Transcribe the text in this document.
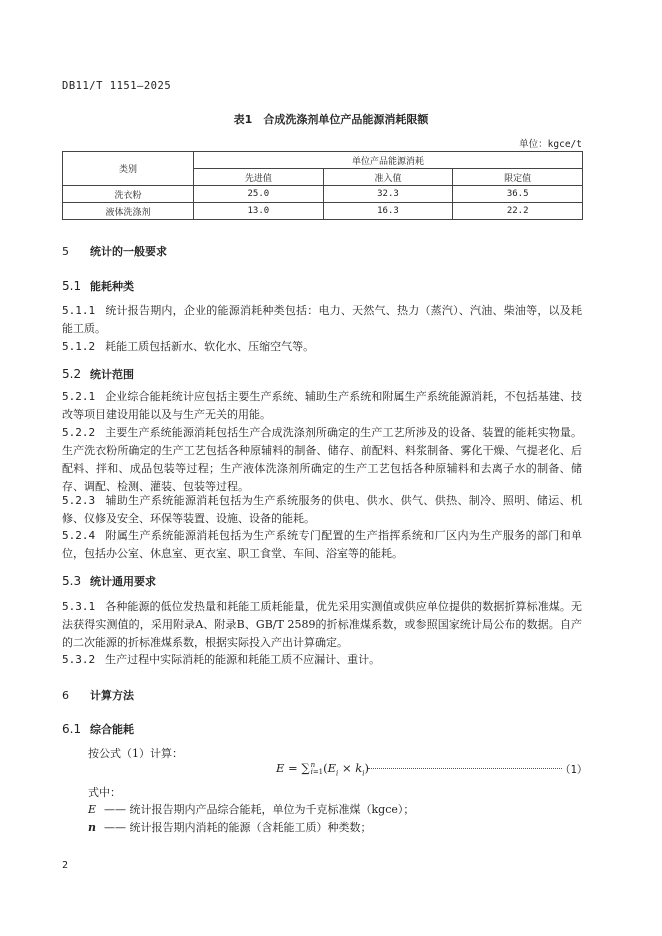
DB11/T 1151—2025
表1　合成洗涤剂单位产品能源消耗限额
单位：kgce/t
类别	单位产品能源消耗		
	先进值	准入值	限定值
洗衣粉	25.0	32.3	36.5
液体洗涤剂	13.0	16.3	22.2
5 统计的一般要求
5.1 能耗种类
5.1.1 统计报告期内，企业的能源消耗种类包括：电力、天然气、热力（蒸汽）、汽油、柴油等，以及耗能工质。
5.1.2 耗能工质包括新水、软化水、压缩空气等。
5.2 统计范围
5.2.1 企业综合能耗统计应包括主要生产系统、辅助生产系统和附属生产系统能源消耗，不包括基建、技改等项目建设用能以及与生产无关的用能。
5.2.2 主要生产系统能源消耗包括生产合成洗涤剂所确定的生产工艺所涉及的设备、装置的能耗实物量。生产洗衣粉所确定的生产工艺包括各种原辅料的制备、储存、前配料、料浆制备、雾化干燥、气提老化、后配料、拌和、成品包装等过程；生产液体洗涤剂所确定的生产工艺包括各种原辅料和去离子水的制备、储存、调配、检测、灌装、包装等过程。
5.2.3 辅助生产系统能源消耗包括为生产系统服务的供电、供水、供气、供热、制冷、照明、储运、机修、仪修及安全、环保等装置、设施、设备的能耗。
5.2.4 附属生产系统能源消耗包括为生产系统专门配置的生产指挥系统和厂区内为生产服务的部门和单位，包括办公室、休息室、更衣室、职工食堂、车间、浴室等的能耗。
5.3 统计通用要求
5.3.1 各种能源的低位发热量和耗能工质耗能量，优先采用实测值或供应单位提供的数据折算标准煤。无法获得实测值的，采用附录A、附录B、GB/T 2589的折标准煤系数，或参照国家统计局公布的数据。自产的二次能源的折标准煤系数，根据实际投入产出计算确定。
5.3.2 生产过程中实际消耗的能源和耗能工质不应漏计、重计。
6 计算方法
6.1 综合能耗
按公式（1）计算：
E = ∑n
$i=1(E_i \times k_i)$	（1）
式中：
E —— 统计报告期内产品综合能耗，单位为千克标准煤（kgce）；
n —— 统计报告期内消耗的能源（含耗能工质）种类数；
2
